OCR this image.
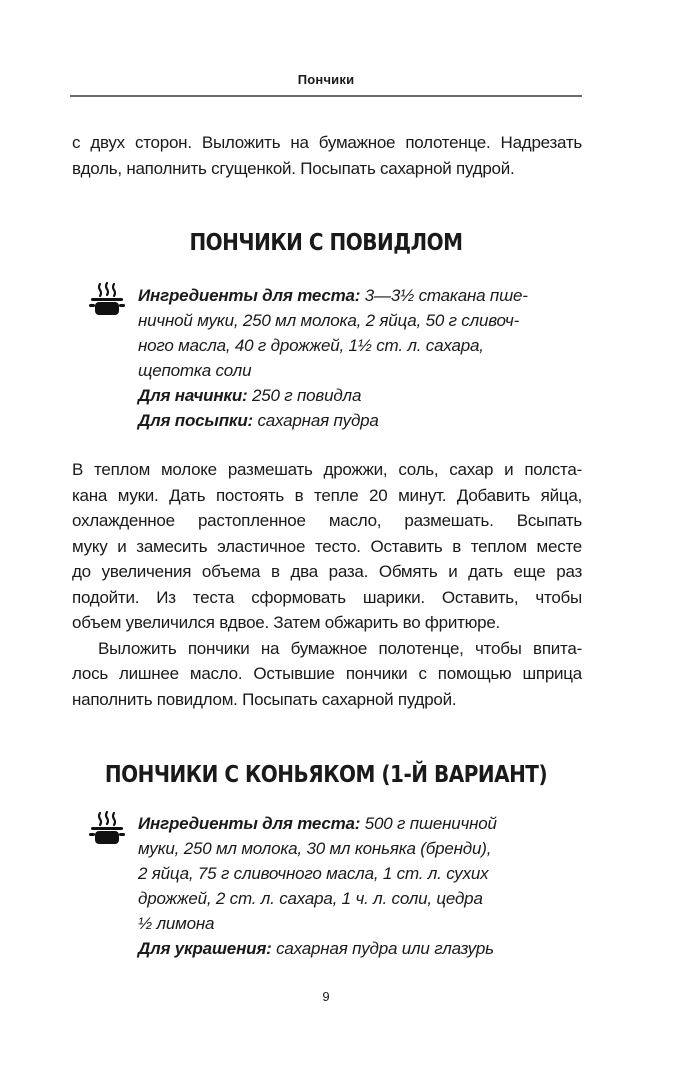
Пончики
с двух сторон. Выложить на бумажное полотенце. Надрезать
вдоль, наполнить сгущенкой. Посыпать сахарной пудрой.
ПОНЧИКИ С ПОВИДЛОМ
Ингредиенты для теста: 3—3½ стакана пше-
ничной муки, 250 мл молока, 2 яйца, 50 г сливоч-
ного масла, 40 г дрожжей, 1½ ст. л. сахара,
щепотка соли
Для начинки: 250 г повидла
Для посыпки: сахарная пудра
В теплом молоке размешать дрожжи, соль, сахар и полста-
кана муки. Дать постоять в тепле 20 минут. Добавить яйца,
охлажденное растопленное масло, размешать. Всыпать
муку и замесить эластичное тесто. Оставить в теплом месте
до увеличения объема в два раза. Обмять и дать еще раз
подойти. Из теста сформовать шарики. Оставить, чтобы
объем увеличился вдвое. Затем обжарить во фритюре.
Выложить пончики на бумажное полотенце, чтобы впита-
лось лишнее масло. Остывшие пончики с помощью шприца
наполнить повидлом. Посыпать сахарной пудрой.
ПОНЧИКИ С КОНЬЯКОМ (1-Й ВАРИАНТ)
Ингредиенты для теста: 500 г пшеничной
муки, 250 мл молока, 30 мл коньяка (бренди),
2 яйца, 75 г сливочного масла, 1 ст. л. сухих
дрожжей, 2 ст. л. сахара, 1 ч. л. соли, цедра
½ лимона
Для украшения: сахарная пудра или глазурь
9
